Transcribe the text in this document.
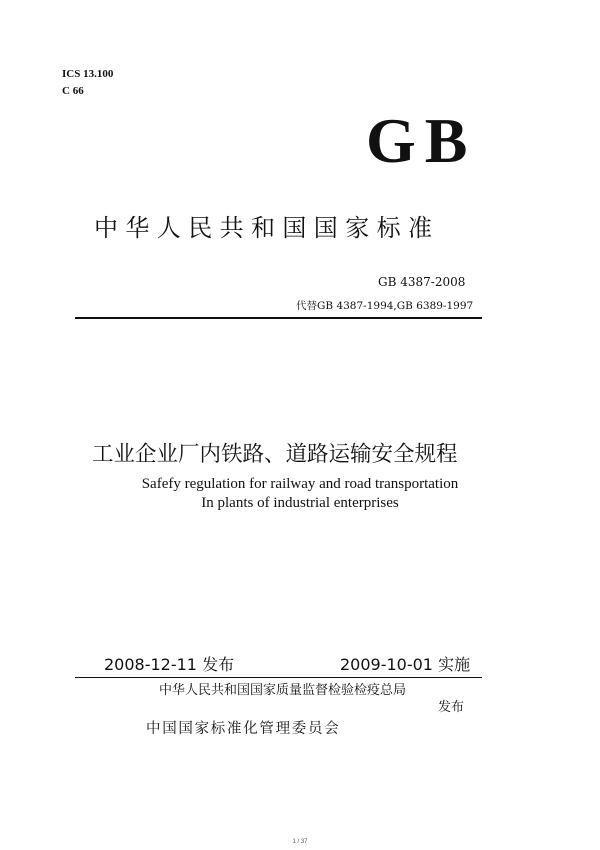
ICS 13.100
C 66
GB
中华人民共和国国家标准
GB 4387-2008
代替GB 4387-1994,GB 6389-1997
工业企业厂内铁路、道路运输安全规程
Safefy regulation for railway and road transportation
In plants of industrial enterprises
2008-12-11 发布	2009-10-01 实施
中华人民共和国国家质量监督检验检疫总局
发布
中国国家标准化管理委员会
1 / 37
